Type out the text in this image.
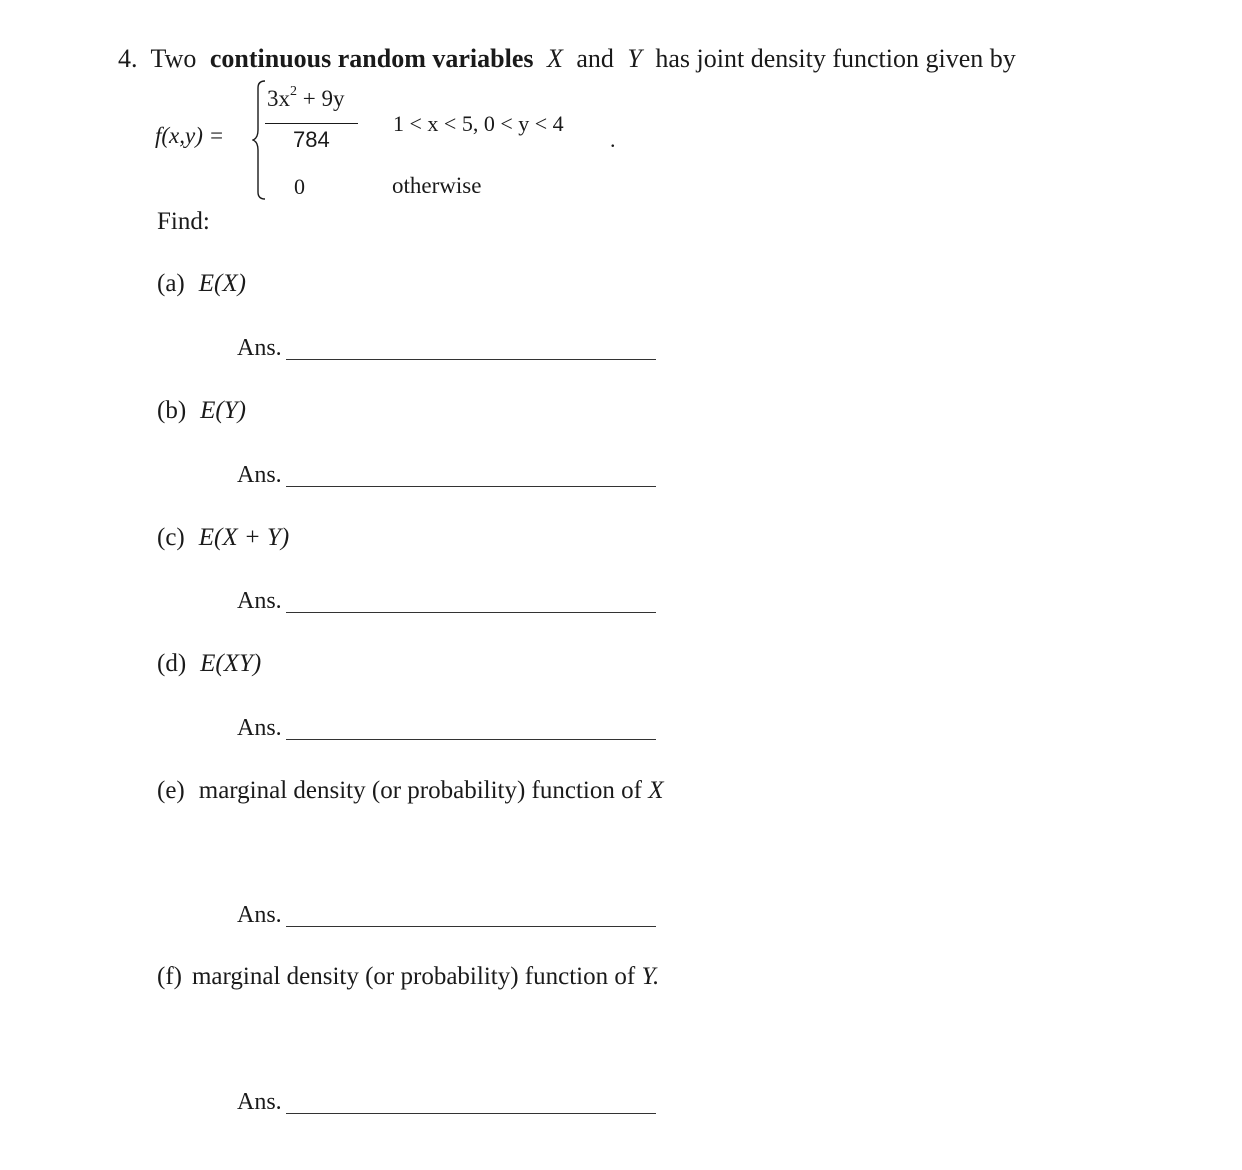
4. Two continuous random variables X and Y has joint density function given by
f(x,y) =
$3x^2 + 9y$
784
1 < x < 5, 0 < y < 4
.
0	otherwise
Find:
(a) E(X)
Ans.
(b) E(Y)
Ans.
(c) E(X + Y)
Ans.
(d) E(XY)
Ans.
(e) marginal density (or probability) function of X
Ans.
(f) marginal density (or probability) function of Y.
Ans.
